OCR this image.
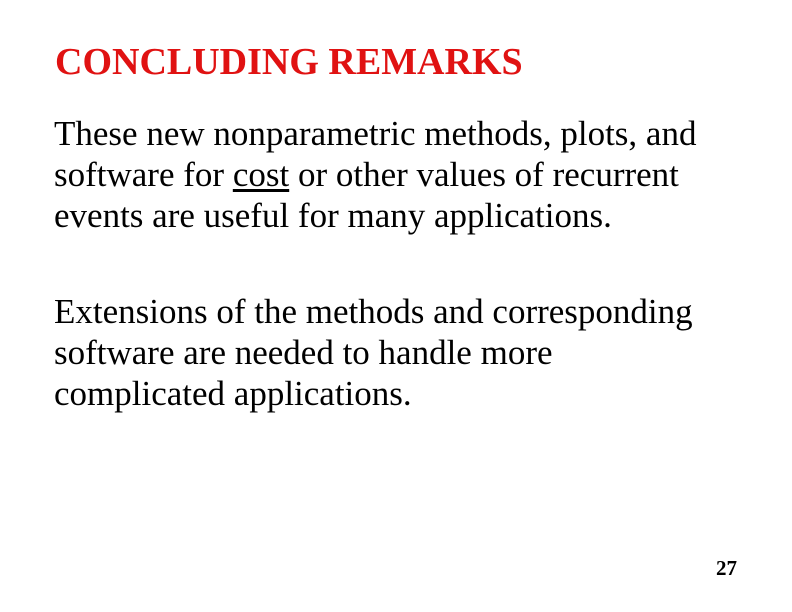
CONCLUDING REMARKS
These new nonparametric methods, plots, and
software for cost or other values of recurrent
events are useful for many applications.
Extensions of the methods and corresponding
software are needed to handle more
complicated applications.
27
